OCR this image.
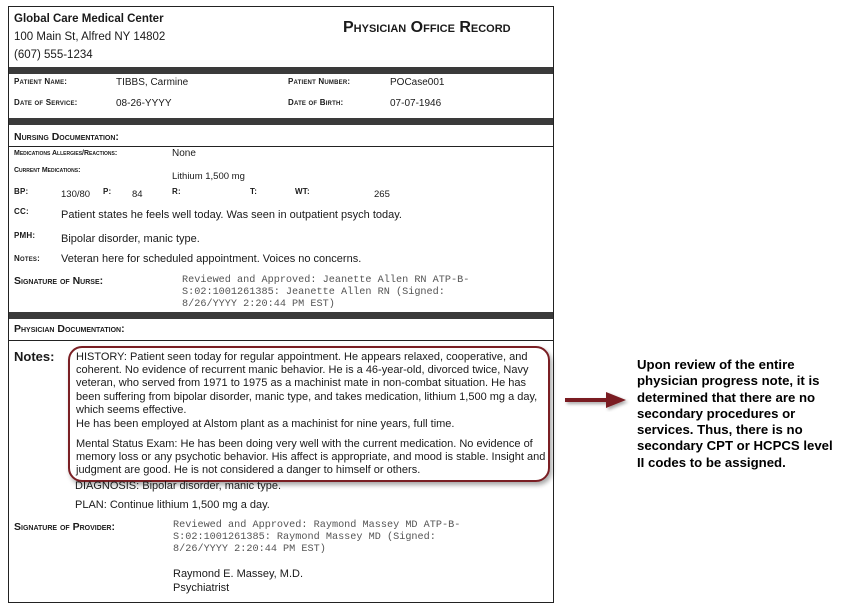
Global Care Medical Center
100 Main St, Alfred NY 14802
(607) 555-1234
Physician Office Record
Patient Name:	TIBBS, Carmine	Patient Number:	POCase001
Date of Service:	08-26-YYYY	Date of Birth:	07-07-1946
Nursing Documentation:
Medications Allergies/Reactions:	None
Current Medications:
Lithium 1,500 mg
BP:	130/80 P: 84	R:	T:	WT:	265
CC:	Patient states he feels well today. Was seen in outpatient psych today.
PMH: Bipolar disorder, manic type.
Notes: Veteran here for scheduled appointment. Voices no concerns.
Signature of Nurse:	Reviewed and Approved: Jeanette Allen RN ATP-B-
S:02:1001261385: Jeanette Allen RN (Signed:
8/26/YYYY 2:20:44 PM EST)
Physician Documentation:
Notes: HISTORY: Patient seen today for regular appointment. He appears relaxed, cooperative, and coherent. No evidence of recurrent manic behavior. He is a 46-year-old, divorced twice, Navy veteran, who served from 1971 to 1975 as a machinist mate in non-combat situation. He has been suffering from bipolar disorder, manic type, and takes medication, lithium 1,500 mg a day, which seems effective.
He has been employed at Alstom plant as a machinist for nine years, full time.
Mental Status Exam: He has been doing very well with the current medication. No evidence of memory loss or any psychotic behavior. His affect is appropriate, and mood is stable. Insight and judgment are good. He is not considered a danger to himself or others.
DIAGNOSIS: Bipolar disorder, manic type.
PLAN: Continue lithium 1,500 mg a day.
Signature of Provider:	Reviewed and Approved: Raymond Massey MD ATP-B-
S:02:1001261385: Raymond Massey MD (Signed:
8/26/YYYY 2:20:44 PM EST)
Raymond E. Massey, M.D.
Psychiatrist
Upon review of the entire physician progress note, it is determined that there are no secondary procedures or services. Thus, there is no secondary CPT or HCPCS level II codes to be assigned.
